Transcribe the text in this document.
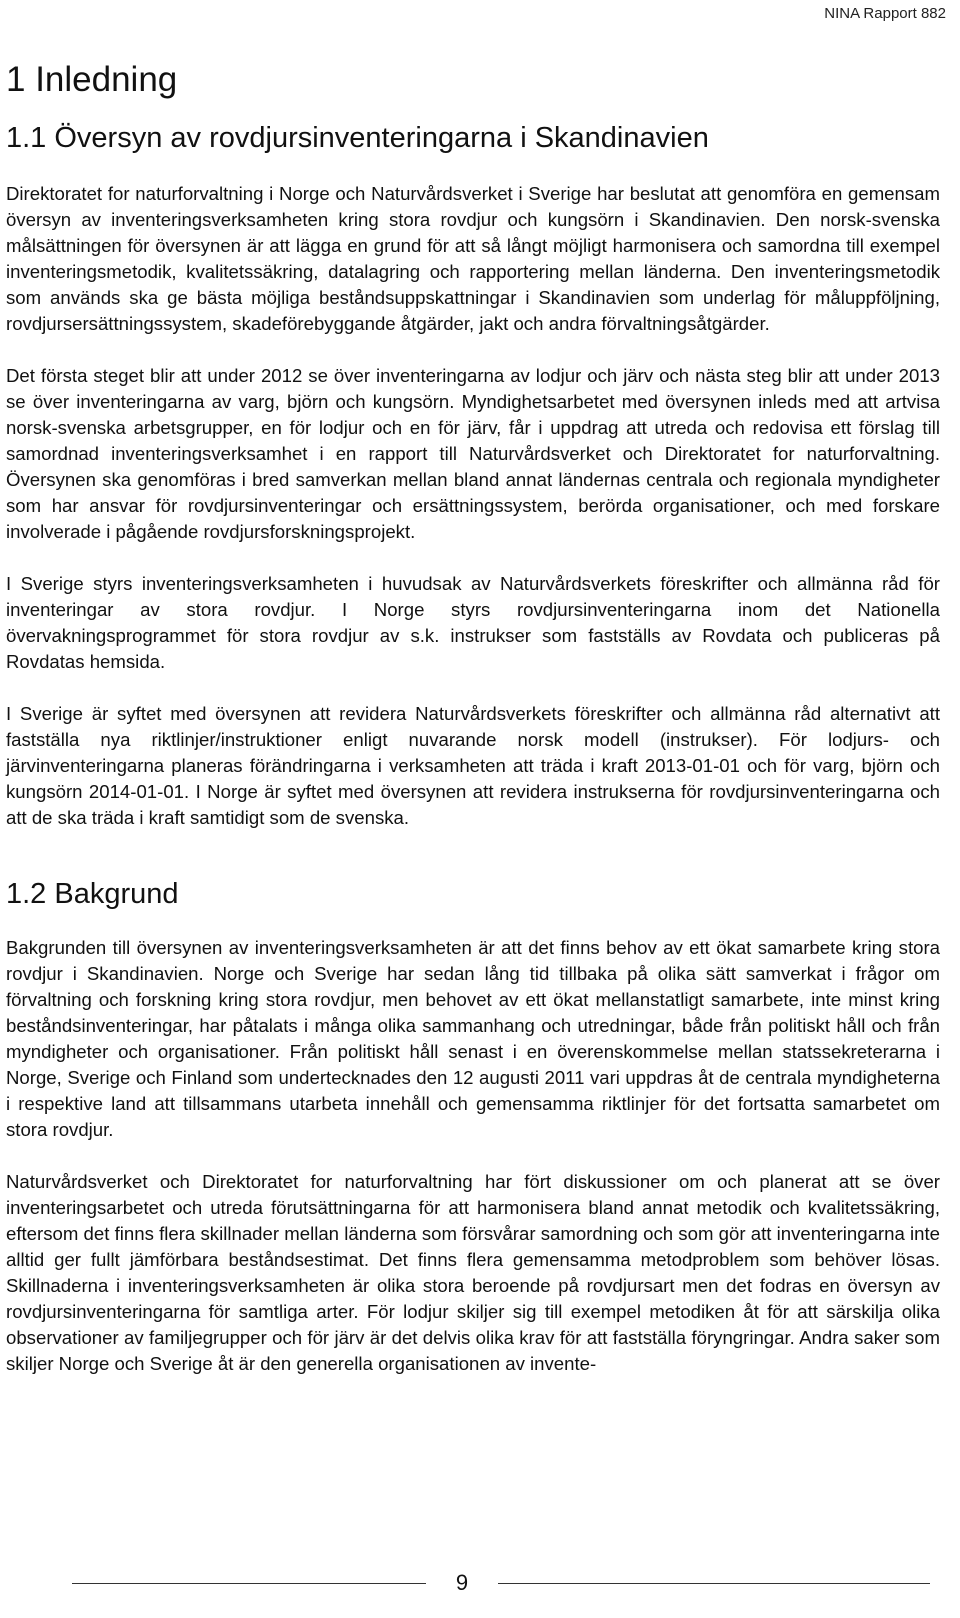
NINA Rapport 882
1 Inledning
1.1 Översyn av rovdjursinventeringarna i Skandinavien

Direktoratet for naturforvaltning i Norge och Naturvårdsverket i Sverige har beslutat att genomföra en gemensam översyn av inventeringsverksamheten kring stora rovdjur och kungsörn i Skandinavien. Den norsk-svenska målsättningen för översynen är att lägga en grund för att så långt möjligt harmonisera och samordna till exempel inventeringsmetodik, kvalitetssäkring, datalagring och rapportering mellan länderna. Den inventeringsmetodik som används ska ge bästa möjliga beståndsuppskattningar i Skandinavien som underlag för måluppföljning, rovdjursersättningssystem, skadeförebyggande åtgärder, jakt och andra förvaltningsåtgärder.

Det första steget blir att under 2012 se över inventeringarna av lodjur och järv och nästa steg blir att under 2013 se över inventeringarna av varg, björn och kungsörn. Myndighetsarbetet med översynen inleds med att artvisa norsk-svenska arbetsgrupper, en för lodjur och en för järv, får i uppdrag att utreda och redovisa ett förslag till samordnad inventeringsverksamhet i en rapport till Naturvårdsverket och Direktoratet for naturforvaltning. Översynen ska genomföras i bred samverkan mellan bland annat ländernas centrala och regionala myndigheter som har ansvar för rovdjursinventeringar och ersättningssystem, berörda organisationer, och med forskare involverade i pågående rovdjursforskningsprojekt.

I Sverige styrs inventeringsverksamheten i huvudsak av Naturvårdsverkets föreskrifter och allmänna råd för inventeringar av stora rovdjur. I Norge styrs rovdjursinventeringarna inom det Nationella övervakningsprogrammet för stora rovdjur av s.k. instrukser som fastställs av Rovdata och publiceras på Rovdatas hemsida.

I Sverige är syftet med översynen att revidera Naturvårdsverkets föreskrifter och allmänna råd alternativt att fastställa nya riktlinjer/instruktioner enligt nuvarande norsk modell (instrukser). För lodjurs- och järvinventeringarna planeras förändringarna i verksamheten att träda i kraft 2013-01-01 och för varg, björn och kungsörn 2014-01-01. I Norge är syftet med översynen att revidera instrukserna för rovdjursinventeringarna och att de ska träda i kraft samtidigt som de svenska.

1.2 Bakgrund

Bakgrunden till översynen av inventeringsverksamheten är att det finns behov av ett ökat samarbete kring stora rovdjur i Skandinavien. Norge och Sverige har sedan lång tid tillbaka på olika sätt samverkat i frågor om förvaltning och forskning kring stora rovdjur, men behovet av ett ökat mellanstatligt samarbete, inte minst kring beståndsinventeringar, har påtalats i många olika sammanhang och utredningar, både från politiskt håll och från myndigheter och organisationer. Från politiskt håll senast i en överenskommelse mellan statssekreterarna i Norge, Sverige och Finland som undertecknades den 12 augusti 2011 vari uppdras åt de centrala myndigheterna i respektive land att tillsammans utarbeta innehåll och gemensamma riktlinjer för det fortsatta samarbetet om stora rovdjur.

Naturvårdsverket och Direktoratet for naturforvaltning har fört diskussioner om och planerat att se över inventeringsarbetet och utreda förutsättningarna för att harmonisera bland annat metodik och kvalitetssäkring, eftersom det finns flera skillnader mellan länderna som försvårar samordning och som gör att inventeringarna inte alltid ger fullt jämförbara beståndsestimat. Det finns flera gemensamma metodproblem som behöver lösas. Skillnaderna i inventeringsverksamheten är olika stora beroende på rovdjursart men det fodras en översyn av rovdjursinventeringarna för samtliga arter. För lodjur skiljer sig till exempel metodiken åt för att särskilja olika observationer av familjegrupper och för järv är det delvis olika krav för att fastställa föryngringar. Andra saker som skiljer Norge och Sverige åt är den generella organisationen av invente-

9
